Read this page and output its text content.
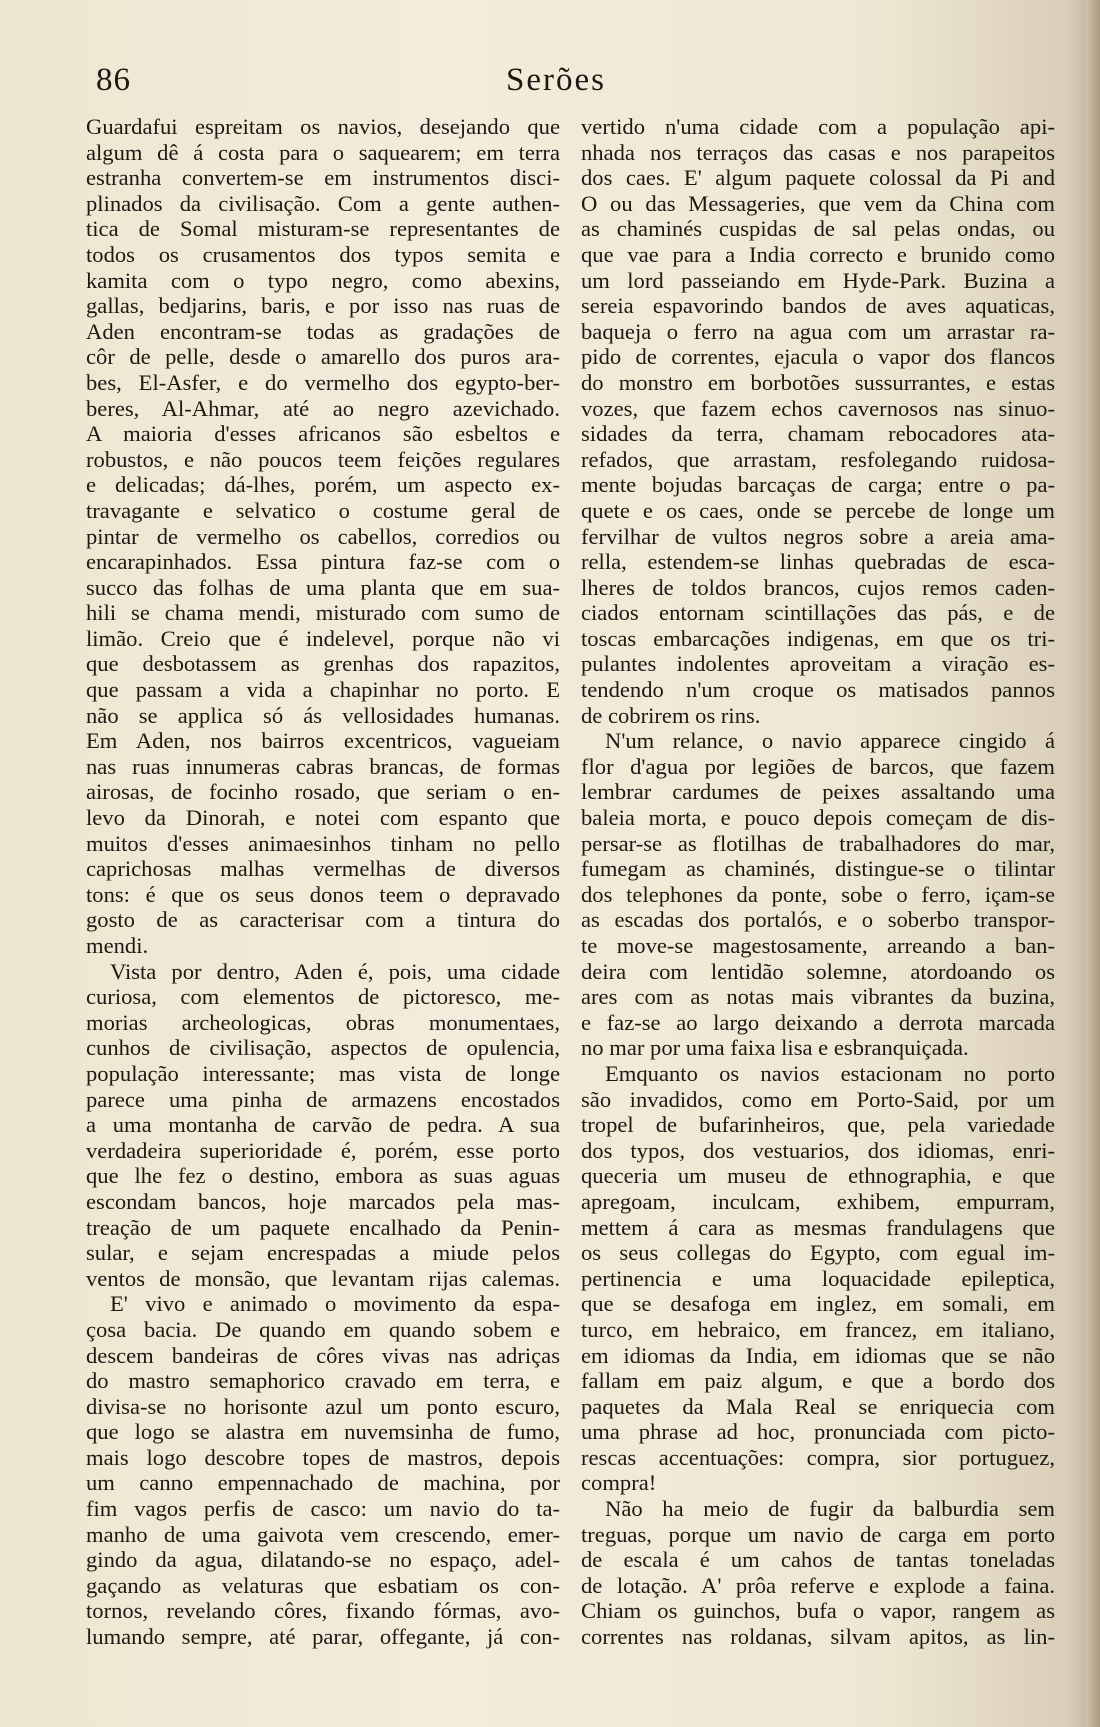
86	Serões
Guardafui espreitam os navios, desejando que
algum dê á costa para o saquearem; em terra
estranha convertem-se em instrumentos disci-
plinados da civilisação. Com a gente authen-
tica de Somal misturam-se representantes de
todos os crusamentos dos typos semita e
kamita com o typo negro, como abexins,
gallas, bedjarins, baris, e por isso nas ruas de
Aden encontram-se todas as gradações de
côr de pelle, desde o amarello dos puros ara-
bes, El-Asfer, e do vermelho dos egypto-ber-
beres, Al-Ahmar, até ao negro azevichado.
A maioria d'esses africanos são esbeltos e
robustos, e não poucos teem feições regulares
e delicadas; dá-lhes, porém, um aspecto ex-
travagante e selvatico o costume geral de
pintar de vermelho os cabellos, corredios ou
encarapinhados. Essa pintura faz-se com o
succo das folhas de uma planta que em sua-
hili se chama mendi, misturado com sumo de
limão. Creio que é indelevel, porque não vi
que desbotassem as grenhas dos rapazitos,
que passam a vida a chapinhar no porto. E
não se applica só ás vellosidades humanas.
Em Aden, nos bairros excentricos, vagueiam
nas ruas innumeras cabras brancas, de formas
airosas, de focinho rosado, que seriam o en-
levo da Dinorah, e notei com espanto que
muitos d'esses animaesinhos tinham no pello
caprichosas malhas vermelhas de diversos
tons: é que os seus donos teem o depravado
gosto de as caracterisar com a tintura do
mendi.
Vista por dentro, Aden é, pois, uma cidade
curiosa, com elementos de pictoresco, me-
morias archeologicas, obras monumentaes,
cunhos de civilisação, aspectos de opulencia,
população interessante; mas vista de longe
parece uma pinha de armazens encostados
a uma montanha de carvão de pedra. A sua
verdadeira superioridade é, porém, esse porto
que lhe fez o destino, embora as suas aguas
escondam bancos, hoje marcados pela mas-
treação de um paquete encalhado da Penin-
sular, e sejam encrespadas a miude pelos
ventos de monsão, que levantam rijas calemas.
E' vivo e animado o movimento da espa-
çosa bacia. De quando em quando sobem e
descem bandeiras de côres vivas nas adriças
do mastro semaphorico cravado em terra, e
divisa-se no horisonte azul um ponto escuro,
que logo se alastra em nuvemsinha de fumo,
mais logo descobre topes de mastros, depois
um canno empennachado de machina, por
fim vagos perfis de casco: um navio do ta-
manho de uma gaivota vem crescendo, emer-
gindo da agua, dilatando-se no espaço, adel-
gaçando as velaturas que esbatiam os con-
tornos, revelando côres, fixando fórmas, avo-
lumando sempre, até parar, offegante, já con-
vertido n'uma cidade com a população api-
nhada nos terraços das casas e nos parapeitos
dos caes. E' algum paquete colossal da Pi and
O ou das Messageries, que vem da China com
as chaminés cuspidas de sal pelas ondas, ou
que vae para a India correcto e brunido como
um lord passeiando em Hyde-Park. Buzina a
sereia espavorindo bandos de aves aquaticas,
baqueja o ferro na agua com um arrastar ra-
pido de correntes, ejacula o vapor dos flancos
do monstro em borbotões sussurrantes, e estas
vozes, que fazem echos cavernosos nas sinuo-
sidades da terra, chamam rebocadores ata-
refados, que arrastam, resfolegando ruidosa-
mente bojudas barcaças de carga; entre o pa-
quete e os caes, onde se percebe de longe um
fervilhar de vultos negros sobre a areia ama-
rella, estendem-se linhas quebradas de esca-
lheres de toldos brancos, cujos remos caden-
ciados entornam scintillações das pás, e de
toscas embarcações indigenas, em que os tri-
pulantes indolentes aproveitam a viração es-
tendendo n'um croque os matisados pannos
de cobrirem os rins.
N'um relance, o navio apparece cingido á
flor d'agua por legiões de barcos, que fazem
lembrar cardumes de peixes assaltando uma
baleia morta, e pouco depois começam de dis-
persar-se as flotilhas de trabalhadores do mar,
fumegam as chaminés, distingue-se o tilintar
dos telephones da ponte, sobe o ferro, içam-se
as escadas dos portalós, e o soberbo transpor-
te move-se magestosamente, arreando a ban-
deira com lentidão solemne, atordoando os
ares com as notas mais vibrantes da buzina,
e faz-se ao largo deixando a derrota marcada
no mar por uma faixa lisa e esbranquiçada.
Emquanto os navios estacionam no porto
são invadidos, como em Porto-Said, por um
tropel de bufarinheiros, que, pela variedade
dos typos, dos vestuarios, dos idiomas, enri-
queceria um museu de ethnographia, e que
apregoam, inculcam, exhibem, empurram,
mettem á cara as mesmas frandulagens que
os seus collegas do Egypto, com egual im-
pertinencia e uma loquacidade epileptica,
que se desafoga em inglez, em somali, em
turco, em hebraico, em francez, em italiano,
em idiomas da India, em idiomas que se não
fallam em paiz algum, e que a bordo dos
paquetes da Mala Real se enriquecia com
uma phrase ad hoc, pronunciada com picto-
rescas accentuações: compra, sior portuguez,
compra!
Não ha meio de fugir da balburdia sem
treguas, porque um navio de carga em porto
de escala é um cahos de tantas toneladas
de lotação. A' prôa referve e explode a faina.
Chiam os guinchos, bufa o vapor, rangem as
correntes nas roldanas, silvam apitos, as lin-
